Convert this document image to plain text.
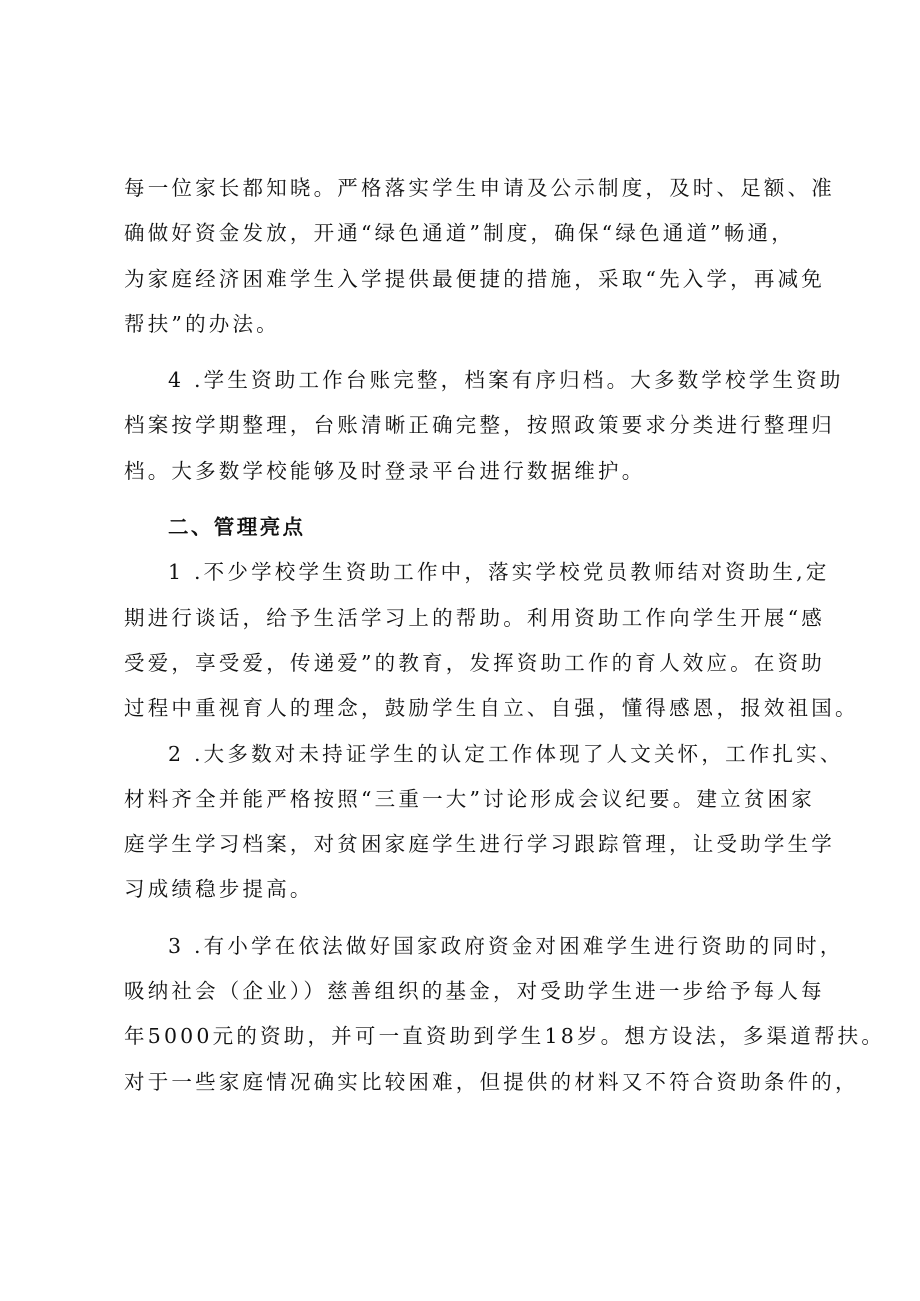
每一位家长都知晓。严格落实学生申请及公示制度，及时、足额、准
确做好资金发放，开通“绿色通道”制度，确保“绿色通道”畅通，
为家庭经济困难学生入学提供最便捷的措施，采取“先入学，再减免
帮扶”的办法。
4 .学生资助工作台账完整，档案有序归档。大多数学校学生资助
档案按学期整理，台账清晰正确完整，按照政策要求分类进行整理归
档。大多数学校能够及时登录平台进行数据维护。
二、管理亮点
1 .不少学校学生资助工作中，落实学校党员教师结对资助生,定
期进行谈话，给予生活学习上的帮助。利用资助工作向学生开展“感
受爱，享受爱，传递爱”的教育，发挥资助工作的育人效应。在资助
过程中重视育人的理念，鼓励学生自立、自强，懂得感恩，报效祖国。
2 .大多数对未持证学生的认定工作体现了人文关怀，工作扎实、
材料齐全并能严格按照“三重一大”讨论形成会议纪要。建立贫困家
庭学生学习档案，对贫困家庭学生进行学习跟踪管理，让受助学生学
习成绩稳步提高。
3 .有小学在依法做好国家政府资金对困难学生进行资助的同时，
吸纳社会（企业））慈善组织的基金，对受助学生进一步给予每人每
年5000元的资助，并可一直资助到学生18岁。想方设法，多渠道帮扶。
对于一些家庭情况确实比较困难，但提供的材料又不符合资助条件的，
